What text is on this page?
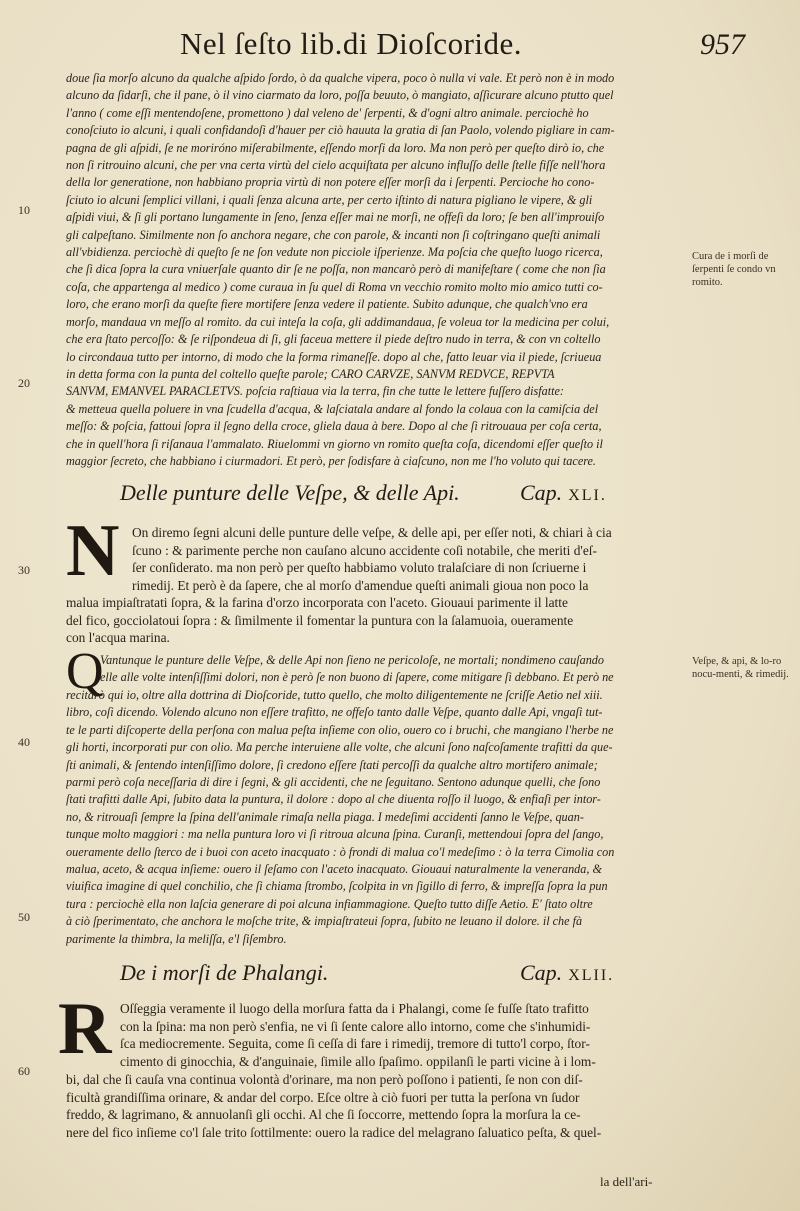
Nel ſeſto lib.di Dioſcoride.	957
10
20
30
40
50
60
doue ſia morſo alcuno da qualche aſpido ſordo, ò da qualche vipera, poco ò nulla vi vale. Et però non è in modo
alcuno da ſidarſi, che il pane, ò il vino ciarmato da loro, poſſa beuuto, ò mangiato, aſſicurare alcuno ptutto quel
l'anno ( come eſſi mentendoſene, promettono ) dal veleno de' ſerpenti, & d'ogni altro animale. perciochè ho
conoſciuto io alcuni, i quali confidandoſi d'hauer per ciò hauuta la gratia di ſan Paolo, volendo pigliare in cam-
pagna de gli aſpidi, ſe ne moriróno miſerabilmente, eſſendo morſi da loro. Ma non però per queſto dirò io, che
non ſi ritrouino alcuni, che per vna certa virtù del cielo acquiſtata per alcuno influſſo delle ſtelle fiſſe nell'hora
della lor generatione, non habbiano propria virtù di non potere eſſer morſi da i ſerpenti. Percioche ho cono-
ſciuto io alcuni ſemplici villani, i quali ſenza alcuna arte, per certo iſtinto di natura pigliano le vipere, & gli
aſpidi viui, & ſi gli portano lungamente in ſeno, ſenza eſſer mai ne morſi, ne offeſi da loro; ſe ben all'improuiſo
gli calpeſtano. Similmente non ſo anchora negare, che con parole, & incanti non ſi coſtringano queſti animali
all'vbidienza. perciochè di queſto ſe ne ſon vedute non picciole iſperienze. Ma poſcia che queſto luogo ricerca,
che ſi dica ſopra la cura vniuerſale quanto dir ſe ne poſſa, non mancarò però di manifeſtare ( come che non ſia
coſa, che appartenga al medico ) come curaua in ſu quel di Roma vn vecchio romito molto mio amico tutti co-
loro, che erano morſi da queſte fiere mortifere ſenza vedere il patiente. Subito adunque, che qualch'vno era
morſo, mandaua vn meſſo al romito. da cui inteſa la coſa, gli addimandaua, ſe voleua tor la medicina per colui,
che era ſtato percoſſo: & ſe riſpondeua di ſi, gli faceua mettere il piede deſtro nudo in terra, & con vn coltello
lo circondaua tutto per intorno, di modo che la forma rimaneſſe. dopo al che, fatto leuar via il piede, ſcriueua
in detta forma con la punta del coltello queſte parole; CARO CARVZE, SANVM REDVCE, REPVTA
SANVM, EMANVEL PARACLETVS. poſcia raſtiaua via la terra, fin che tutte le lettere fuſſero disfatte:
& metteua quella poluere in vna ſcudella d'acqua, & laſciatala andare al fondo la colaua con la camiſcia del
meſſo: & poſcia, fattoui ſopra il ſegno della croce, gliela daua à bere. Dopo al che ſi ritrouaua per coſa certa,
che in quell'hora ſi riſanaua l'ammalato. Riuelommi vn giorno vn romito queſta coſa, dicendomi eſſer queſto il
maggior ſecreto, che habbiano i ciurmadori. Et però, per ſodisfare à ciaſcuno, non me l'ho voluto qui tacere.
Cura de i morſi de ſerpenti ſe condo vn romito.
Delle punture delle Veſpe, & delle Api.	Cap. XLI.
N On diremo ſegni alcuni delle punture delle veſpe, & delle api, per eſſer noti, & chiari à cia
ſcuno : & parimente perche non cauſano alcuno accidente coſi notabile, che meriti d'eſ-
ſer conſiderato. ma non però per queſto habbiamo voluto tralaſciare di non ſcriuerne i
rimedij. Et però è da ſapere, che al morſo d'amendue queſti animali gioua non poco la
malua impiaſtratati ſopra, & la farina d'orzo incorporata con l'aceto. Giouaui parimente il latte
del fico, gocciolatoui ſopra : & ſimilmente il fomentar la puntura con la ſalamuoia, oueramente
con l'acqua marina.
Q
Vantunque le punture delle Veſpe, & delle Api non ſieno ne pericoloſe, ne mortali; nondimeno cauſando
elle alle volte intenſiſſimi dolori, non è però ſe non buono di ſapere, come mitigare ſi debbano. Et però ne
recitarò qui io, oltre alla dottrina di Dioſcoride, tutto quello, che molto diligentemente ne ſcriſſe Aetio nel xiii.
libro, coſi dicendo. Volendo alcuno non eſſere trafitto, ne offeſo tanto dalle Veſpe, quanto dalle Api, vngaſi tut-
te le parti diſcoperte della perſona con malua peſta inſieme con olio, ouero co i bruchi, che mangiano l'herbe ne
gli horti, incorporati pur con olio. Ma perche interuiene alle volte, che alcuni ſono naſcoſamente trafitti da que-
ſti animali, & ſentendo intenſiſſimo dolore, ſi credono eſſere ſtati percoſſi da qualche altro mortifero animale;
parmi però coſa neceſſaria di dire i ſegni, & gli accidenti, che ne ſeguitano. Sentono adunque quelli, che ſono
ſtati trafitti dalle Api, ſubito data la puntura, il dolore : dopo al che diuenta roſſo il luogo, & enfiaſi per intor-
no, & ritrouaſi ſempre la ſpina dell'animale rimaſa nella piaga. I medeſimi accidenti ſanno le Veſpe, quan-
tunque molto maggiori : ma nella puntura loro vi ſi ritroua alcuna ſpina. Curanſi, mettendoui ſopra del ſango,
oueramente dello ſterco de i buoi con aceto inacquato : ò frondi di malua co'l medeſimo : ò la terra Cimolia con
malua, aceto, & acqua inſieme: ouero il ſeſamo con l'aceto inacquato. Giouaui naturalmente la veneranda, &
viuifica imagine di quel conchilio, che ſi chiama ſtrombo, ſcolpita in vn ſigillo di ferro, & impreſſa ſopra la pun
tura : perciochè ella non laſcia generare di poi alcuna infiammagione. Queſto tutto diſſe Aetio. E' ſtato oltre
à ciò ſperimentato, che anchora le moſche trite, & impiaſtrateui ſopra, ſubito ne leuano il dolore. il che fà
parimente la thimbra, la meliſſa, e'l ſiſembro.
Veſpe, & api, & lo-ro nocu-menti, & rimedij.
De i morſi de Phalangi.	Cap. XLII.
R Oſſeggia veramente il luogo della morſura fatta da i Phalangi, come ſe fuſſe ſtato trafitto
con la ſpina: ma non però s'enfia, ne vi ſi ſente calore allo intorno, come che s'inhumidi-
ſca mediocremente. Seguita, come ſi ceſſa di fare i rimedij, tremore di tutto'l corpo, ſtor-
cimento di ginocchia, & d'anguinaie, ſimile allo ſpaſimo. oppilanſi le parti vicine à i lom-
bi, dal che ſi cauſa vna continua volontà d'orinare, ma non però poſſono i patienti, ſe non con diſ-
ficultà grandiſſima orinare, & andar del corpo. Eſce oltre à ciò fuori per tutta la perſona vn ſudor
freddo, & lagrimano, & annuolanſi gli occhi. Al che ſi ſoccorre, mettendo ſopra la morſura la ce-
nere del fico inſieme co'l ſale trito ſottilmente: ouero la radice del melagrano ſaluatico peſta, & quel-
la dell'ari-
